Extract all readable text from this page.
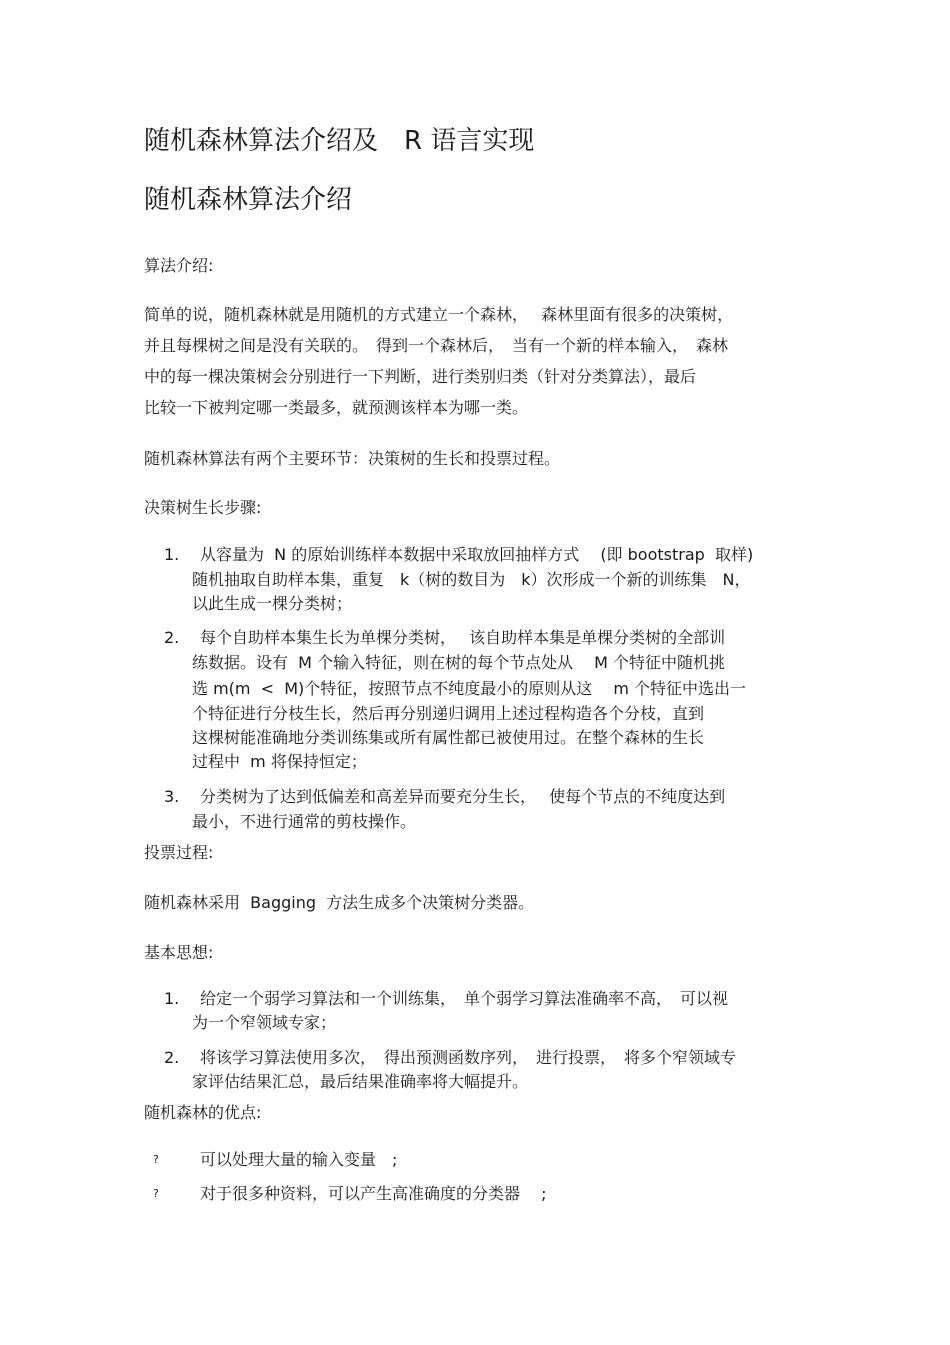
随机森林算法介绍及　R 语言实现
随机森林算法介绍
算法介绍:
简单的说，随机森林就是用随机的方式建立一个森林，　 森林里面有很多的决策树，
并且每棵树之间是没有关联的。　得到一个森林后，　当有一个新的样本输入，　森林
中的每一棵决策树会分别进行一下判断，进行类别归类（针对分类算法），最后
比较一下被判定哪一类最多，就预测该样本为哪一类。
随机森林算法有两个主要环节：决策树的生长和投票过程。
决策树生长步骤:
1. 从容量为  N 的原始训练样本数据中采取放回抽样方式　 (即 bootstrap  取样)
随机抽取自助样本集，重复　k（树的数目为　k）次形成一个新的训练集　N，
以此生成一棵分类树；
2. 每个自助样本集生长为单棵分类树，　 该自助样本集是单棵分类树的全部训
练数据。设有  M 个输入特征，则在树的每个节点处从　 M 个特征中随机挑
选 m(m  <  M)个特征，按照节点不纯度最小的原则从这　 m 个特征中选出一
个特征进行分枝生长，然后再分别递归调用上述过程构造各个分枝，直到
这棵树能准确地分类训练集或所有属性都已被使用过。在整个森林的生长
过程中  m 将保持恒定；
3. 分类树为了达到低偏差和高差异而要充分生长，　 使每个节点的不纯度达到
最小，不进行通常的剪枝操作。
投票过程:
随机森林采用  Bagging  方法生成多个决策树分类器。
基本思想:
1. 给定一个弱学习算法和一个训练集，　单个弱学习算法准确率不高，　可以视
为一个窄领域专家；
2. 将该学习算法使用多次，　得出预测函数序列，　进行投票，　将多个窄领域专
家评估结果汇总，最后结果准确率将大幅提升。
随机森林的优点:
?	可以处理大量的输入变量　;
?	对于很多种资料，可以产生高准确度的分类器　 ;
